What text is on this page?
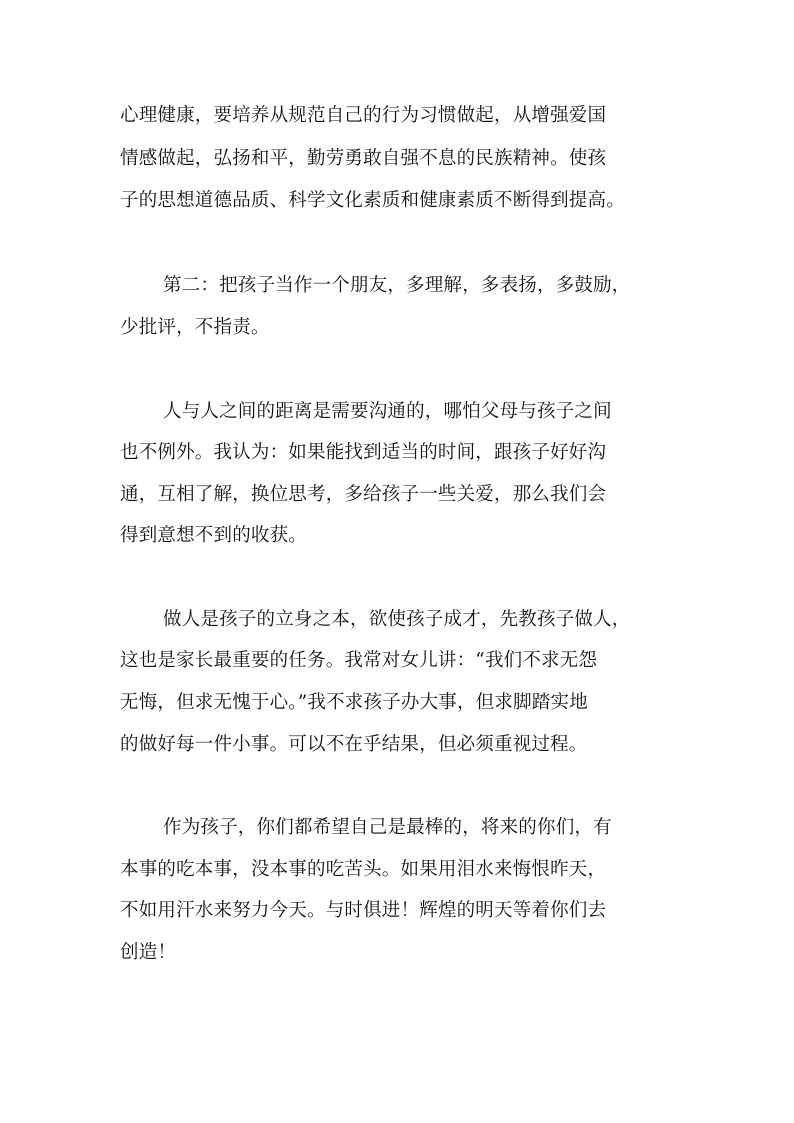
心理健康，要培养从规范自己的行为习惯做起，从增强爱国
情感做起，弘扬和平，勤劳勇敢自强不息的民族精神。使孩
子的思想道德品质、科学文化素质和健康素质不断得到提高。
第二：把孩子当作一个朋友，多理解，多表扬，多鼓励，
少批评，不指责。
人与人之间的距离是需要沟通的，哪怕父母与孩子之间
也不例外。我认为：如果能找到适当的时间，跟孩子好好沟
通，互相了解，换位思考，多给孩子一些关爱，那么我们会
得到意想不到的收获。
做人是孩子的立身之本，欲使孩子成才，先教孩子做人，
这也是家长最重要的任务。我常对女儿讲：“我们不求无怨
无悔，但求无愧于心。”我不求孩子办大事，但求脚踏实地
的做好每一件小事。可以不在乎结果，但必须重视过程。
作为孩子，你们都希望自己是最棒的，将来的你们，有
本事的吃本事，没本事的吃苦头。如果用泪水来悔恨昨天，
不如用汗水来努力今天。与时俱进！辉煌的明天等着你们去
创造！
